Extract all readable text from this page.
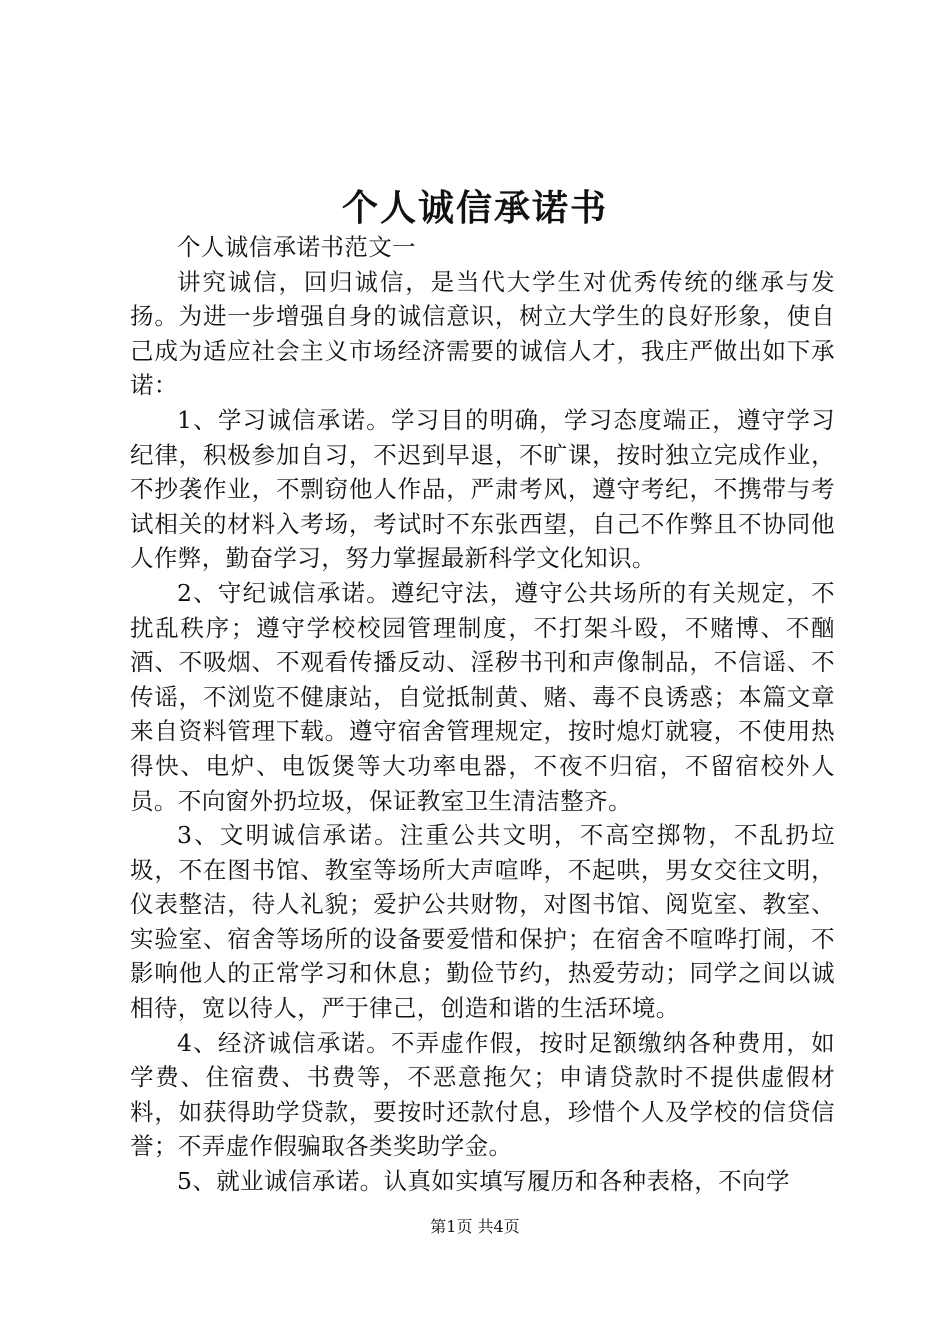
个人诚信承诺书

个人诚信承诺书范文一

讲究诚信，回归诚信，是当代大学生对优秀传统的继承与发扬。为进一步增强自身的诚信意识，树立大学生的良好形象，使自己成为适应社会主义市场经济需要的诚信人才，我庄严做出如下承诺：

1、学习诚信承诺。学习目的明确，学习态度端正，遵守学习纪律，积极参加自习，不迟到早退，不旷课，按时独立完成作业，不抄袭作业，不剽窃他人作品，严肃考风，遵守考纪，不携带与考试相关的材料入考场，考试时不东张西望，自己不作弊且不协同他人作弊，勤奋学习，努力掌握最新科学文化知识。

2、守纪诚信承诺。遵纪守法，遵守公共场所的有关规定，不扰乱秩序；遵守学校校园管理制度，不打架斗殴，不赌博、不酗酒、不吸烟、不观看传播反动、淫秽书刊和声像制品，不信谣、不传谣，不浏览不健康站，自觉抵制黄、赌、毒不良诱惑；本篇文章来自资料管理下载。遵守宿舍管理规定，按时熄灯就寝，不使用热得快、电炉、电饭煲等大功率电器，不夜不归宿，不留宿校外人员。不向窗外扔垃圾，保证教室卫生清洁整齐。

3、文明诚信承诺。注重公共文明，不高空掷物，不乱扔垃圾，不在图书馆、教室等场所大声喧哗，不起哄，男女交往文明，仪表整洁，待人礼貌；爱护公共财物，对图书馆、阅览室、教室、实验室、宿舍等场所的设备要爱惜和保护；在宿舍不喧哗打闹，不影响他人的正常学习和休息；勤俭节约，热爱劳动；同学之间以诚相待，宽以待人，严于律己，创造和谐的生活环境。

4、经济诚信承诺。不弄虚作假，按时足额缴纳各种费用，如学费、住宿费、书费等，不恶意拖欠；申请贷款时不提供虚假材料，如获得助学贷款，要按时还款付息，珍惜个人及学校的信贷信誉；不弄虚作假骗取各类奖助学金。

5、就业诚信承诺。认真如实填写履历和各种表格，不向学

第1页 共4页
